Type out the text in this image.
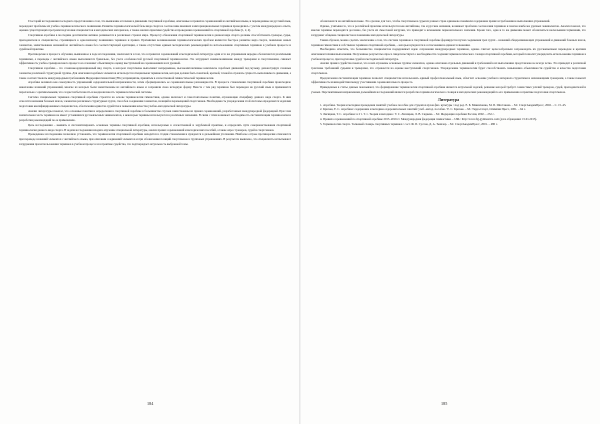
Глоссарий исследования последнего представления о том, что выявление и течение в движении спортивной аэробики, описанные в правилах соревнований на английском языке, и переведенные на русский язык, порождают проблемы их учебно-терминологического понимания. Развитие терминологической базы вида спорта и соотнесение внешних и интернациональных терминов проводились с учетом международного опыта, оценки существующих программ подготовки специалистов и методических материалов, а также анализа практики судейства и проведения соревнований по спортивной аэробике [1, 2, 4].

Спортивная аэробика в последние десятилетия активно развивается в различных странах мира. Процессу обновления спортивной терминологии в данном виде спорта должны способствовать тренеры, судьи, преподаватели и специалисты, стремящиеся к однозначному пониманию терминов и правил. Причинами возникновения терминологических проблем являются быстрое развитие вида спорта, появление новых элементов, заимствование названий из английского языка без соответствующей адаптации, а также отсутствие единых методических рекомендаций по использованию спортивных терминов в учебном процессе и судейской практике.

Противоречие в процессе обучения, выявленное в ходе исследования, заключается в том, что в правилах соревнований и методической литературе одни и те же упражнения нередко обозначаются различными терминами, а переводы с английского языка выполняются буквально, без учета особенностей русской спортивной терминологии. Это затрудняет взаимопонимание между тренерами и спортсменами, снижает эффективность учебно-тренировочного процесса и осложняет объективную оценку выступлений на соревнованиях всех уровней.

Спортивная аэробика – это сложнокоординационный вид спорта, в котором спортсмены выполняют непрерывные, высокоинтенсивные комплексы аэробных движений под музыку, демонстрируя сложные элементы различной структурной группы. Для описания подобных элементов используется специальная терминология, которая должна быть понятной, краткой, точной и отражать сущность выполняемого движения, а также соответствовать международным требованиям Федерации гимнастики [FIG] и принципам, принятым в отечественной гимнастической терминологии.

Аэробика возникла как совокупность упражнений оздоровительной направленности, затем сформировались ее соревновательные разновидности. В процессе становления спортивной аэробики происходило накопление названий упражнений, многие из которых были заимствованы из английского языка и сохранили свою исходную форму. Вместе с тем ряд терминов был переведен на русский язык и применяется параллельно с оригинальными, что создает избыточность и неоднозначность терминологической системы.

Система специальных терминов спортивной аэробики строится на основе терминологии гимнастики, однако включает и самостоятельные понятия, отражающие специфику данного вида спорта. К ним относятся названия базовых шагов, элементов различных структурных групп, способов соединения элементов, позиций и перемещений спортсменов. Необходимость упорядочения этой системы определяется задачами подготовки квалифицированных специалистов, обеспечения единства судейства и повышения качества учебно-методической литературы.

Анализ литературы показал, что основные понятия и определения в спортивной аэробике в большинстве случаев заимствованы из правил соревнований, разработанных международной федерацией. При этом значительная часть терминов не имеет устоявшихся русскоязычных эквивалентов, а некоторые термины используются в различных значениях. В связи с этим возникает необходимость систематизации терминологии и разработки рекомендаций по ее применению.

Цель исследования – выявить и систематизировать основные термины спортивной аэробики, используемые в отечественной и зарубежной практике, и определить пути совершенствования спортивной терминологии данного вида спорта. В задачи исследования входило изучение специальной литературы, анализ правил соревнований и методических пособий, а также опрос тренеров, судей и спортсменов.

Проведенное исследование позволило установить, что терминология спортивной аэробики находится в стадии становления и нуждается в дальнейшем уточнении. Наиболее острые противоречия отмечаются при переводе названий элементов с английского языка, при описании соединений элементов и при обозначении позиций спортсменов в групповых упражнениях. В результате выявлено, что специалисты испытывают затруднения при использовании терминов в учебном процессе и в практике судейства, что подтверждает актуальность выбранной темы.

184

обозначаются на английском языке. Это сделано для того, чтобы спортсмены и судьи из разных стран одинаково понимали содержание правил и требования к выполнению упражнений.

Однако, учитывая то, что в российской практике используются как английские, так и русские названия, возникает проблема соотнесения терминов и поиска наиболее удачных эквивалентов. Анализ показал, что многие термины переводятся дословно, без учета их смысловой нагрузки, что приводит к искажению первоначального значения. Кроме того, одно и то же движение может обозначаться несколькими терминами, что затрудняет общение специалистов и понимание методической литературы.

Таким образом, можно сделать заключение о том, что система терминов в спортивной аэробике формируется путем соединения трех групп – названий общеразвивающих упражнений и движений базовых шагов, терминов гимнастики и собственно терминов спортивной аэробики, – которые нуждаются в согласовании и едином толковании.

Необходимо отметить, что большинство специалистов поддерживает идею сохранения международных терминов, однако считает целесообразным сопровождать их русскоязычным переводом и кратким описанием техники выполнения. Полученные результаты опроса свидетельствуют о необходимости создания терминологического словаря спортивной аэробики, который позволит упорядочить использование терминов в учебном процессе, при подготовке судей и в методической литературе.

Анализ правил судейства показал, что в них отражены основные группы элементов, однако описание отдельных движений и требований к их выполнению представлено не всегда четко. Это приводит к различной трактовке требований судьями и тренерами, что отражается на оценке выступлений спортсменов. Упорядочение терминологии будет способствовать повышению объективности судейства и качества подготовки спортсменов.

Предлагаемая систематизация терминов позволит специалистам использовать единый профессиональный язык, облегчит освоение учебного материала студентами и начинающими тренерами, а также повысит эффективность взаимодействия между участниками соревновательного процесса.

Приведенные в статье данные показывают, что формирование терминологии спортивной аэробики является актуальной задачей, решение которой требует совместных усилий тренеров, судей, преподавателей и ученых. Перспективным направлением дальнейших исследований является разработка терминологического словаря и методических рекомендаций по его применению в практике подготовки спортсменов.

Литература
1. Аэробика. Теория и методика проведения занятий: учебное пособие для студентов вузов физ. культуры / под ред. Е. Б. Мякинченко, М. П. Шестакова. – М.: СпортАкадемПресс, 2002. – С. 15–45.
2. Крючек, Е. С. Аэробика: содержание и методика оздоровительных занятий: учеб.-метод. пособие / Е. С. Крючек. – М.: Терра-Спорт, Олимпия Пресс, 2001. – 64 с.
3. Лисицкая, Т. С. Аэробика: в 2 т. Т. 1. Теория и методика / Т. С. Лисицкая, Л. В. Сиднева. – М.: Федерация аэробики России, 2002. – 232 с.
4. Правила соревнований по спортивной аэробике 2013–2016 гг. Международная федерация гимнастики. – URL: http://www.fig-gymnastics.com (дата обращения: 15.01.2015).
5. Терминология спорта. Толковый словарь спортивных терминов / сост. Ф. П. Суслов, Д. А. Тышлер. – М.: СпортАкадемПресс, 2001. – 480 с.
185
